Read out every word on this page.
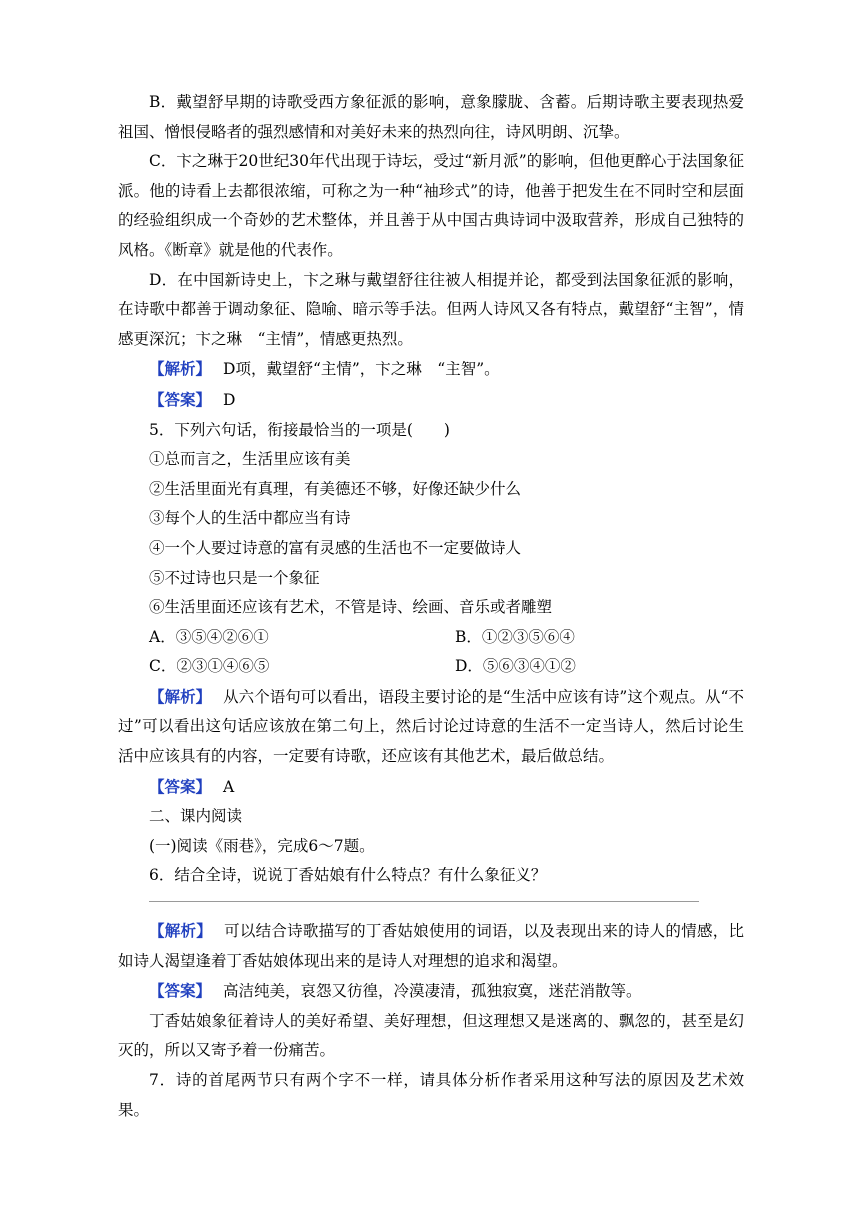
B．戴望舒早期的诗歌受西方象征派的影响，意象朦胧、含蓄。后期诗歌主要表现热爱祖国、憎恨侵略者的强烈感情和对美好未来的热烈向往，诗风明朗、沉挚。

C．卞之琳于20世纪30年代出现于诗坛，受过“新月派”的影响，但他更醉心于法国象征派。他的诗看上去都很浓缩，可称之为一种“袖珍式”的诗，他善于把发生在不同时空和层面的经验组织成一个奇妙的艺术整体，并且善于从中国古典诗词中汲取营养，形成自己独特的风格。《断章》就是他的代表作。

D．在中国新诗史上，卞之琳与戴望舒往往被人相提并论，都受到法国象征派的影响，在诗歌中都善于调动象征、隐喻、暗示等手法。但两人诗风又各有特点，戴望舒“主智”，情感更深沉；卞之琳　“主情”，情感更热烈。

【解析】 D项，戴望舒“主情”，卞之琳　“主智”。

【答案】 D

5．下列六句话，衔接最恰当的一项是(　　)

①总而言之，生活里应该有美

②生活里面光有真理，有美德还不够，好像还缺少什么

③每个人的生活中都应当有诗

④一个人要过诗意的富有灵感的生活也不一定要做诗人

⑤不过诗也只是一个象征

⑥生活里面还应该有艺术，不管是诗、绘画、音乐或者雕塑

A．③⑤④②⑥①	B．①②③⑤⑥④
C．②③①④⑥⑤	D．⑤⑥③④①②

【解析】 从六个语句可以看出，语段主要讨论的是“生活中应该有诗”这个观点。从“不过”可以看出这句话应该放在第二句上，然后讨论过诗意的生活不一定当诗人，然后讨论生活中应该具有的内容，一定要有诗歌，还应该有其他艺术，最后做总结。

【答案】 A

二、课内阅读

(一)阅读《雨巷》，完成6～7题。

6．结合全诗，说说丁香姑娘有什么特点？有什么象征义？

【解析】 可以结合诗歌描写的丁香姑娘使用的词语，以及表现出来的诗人的情感，比如诗人渴望逢着丁香姑娘体现出来的是诗人对理想的追求和渴望。

【答案】 高洁纯美，哀怨又彷徨，冷漠凄清，孤独寂寞，迷茫消散等。

丁香姑娘象征着诗人的美好希望、美好理想，但这理想又是迷离的、飘忽的，甚至是幻灭的，所以又寄予着一份痛苦。

7．诗的首尾两节只有两个字不一样，请具体分析作者采用这种写法的原因及艺术效果。
